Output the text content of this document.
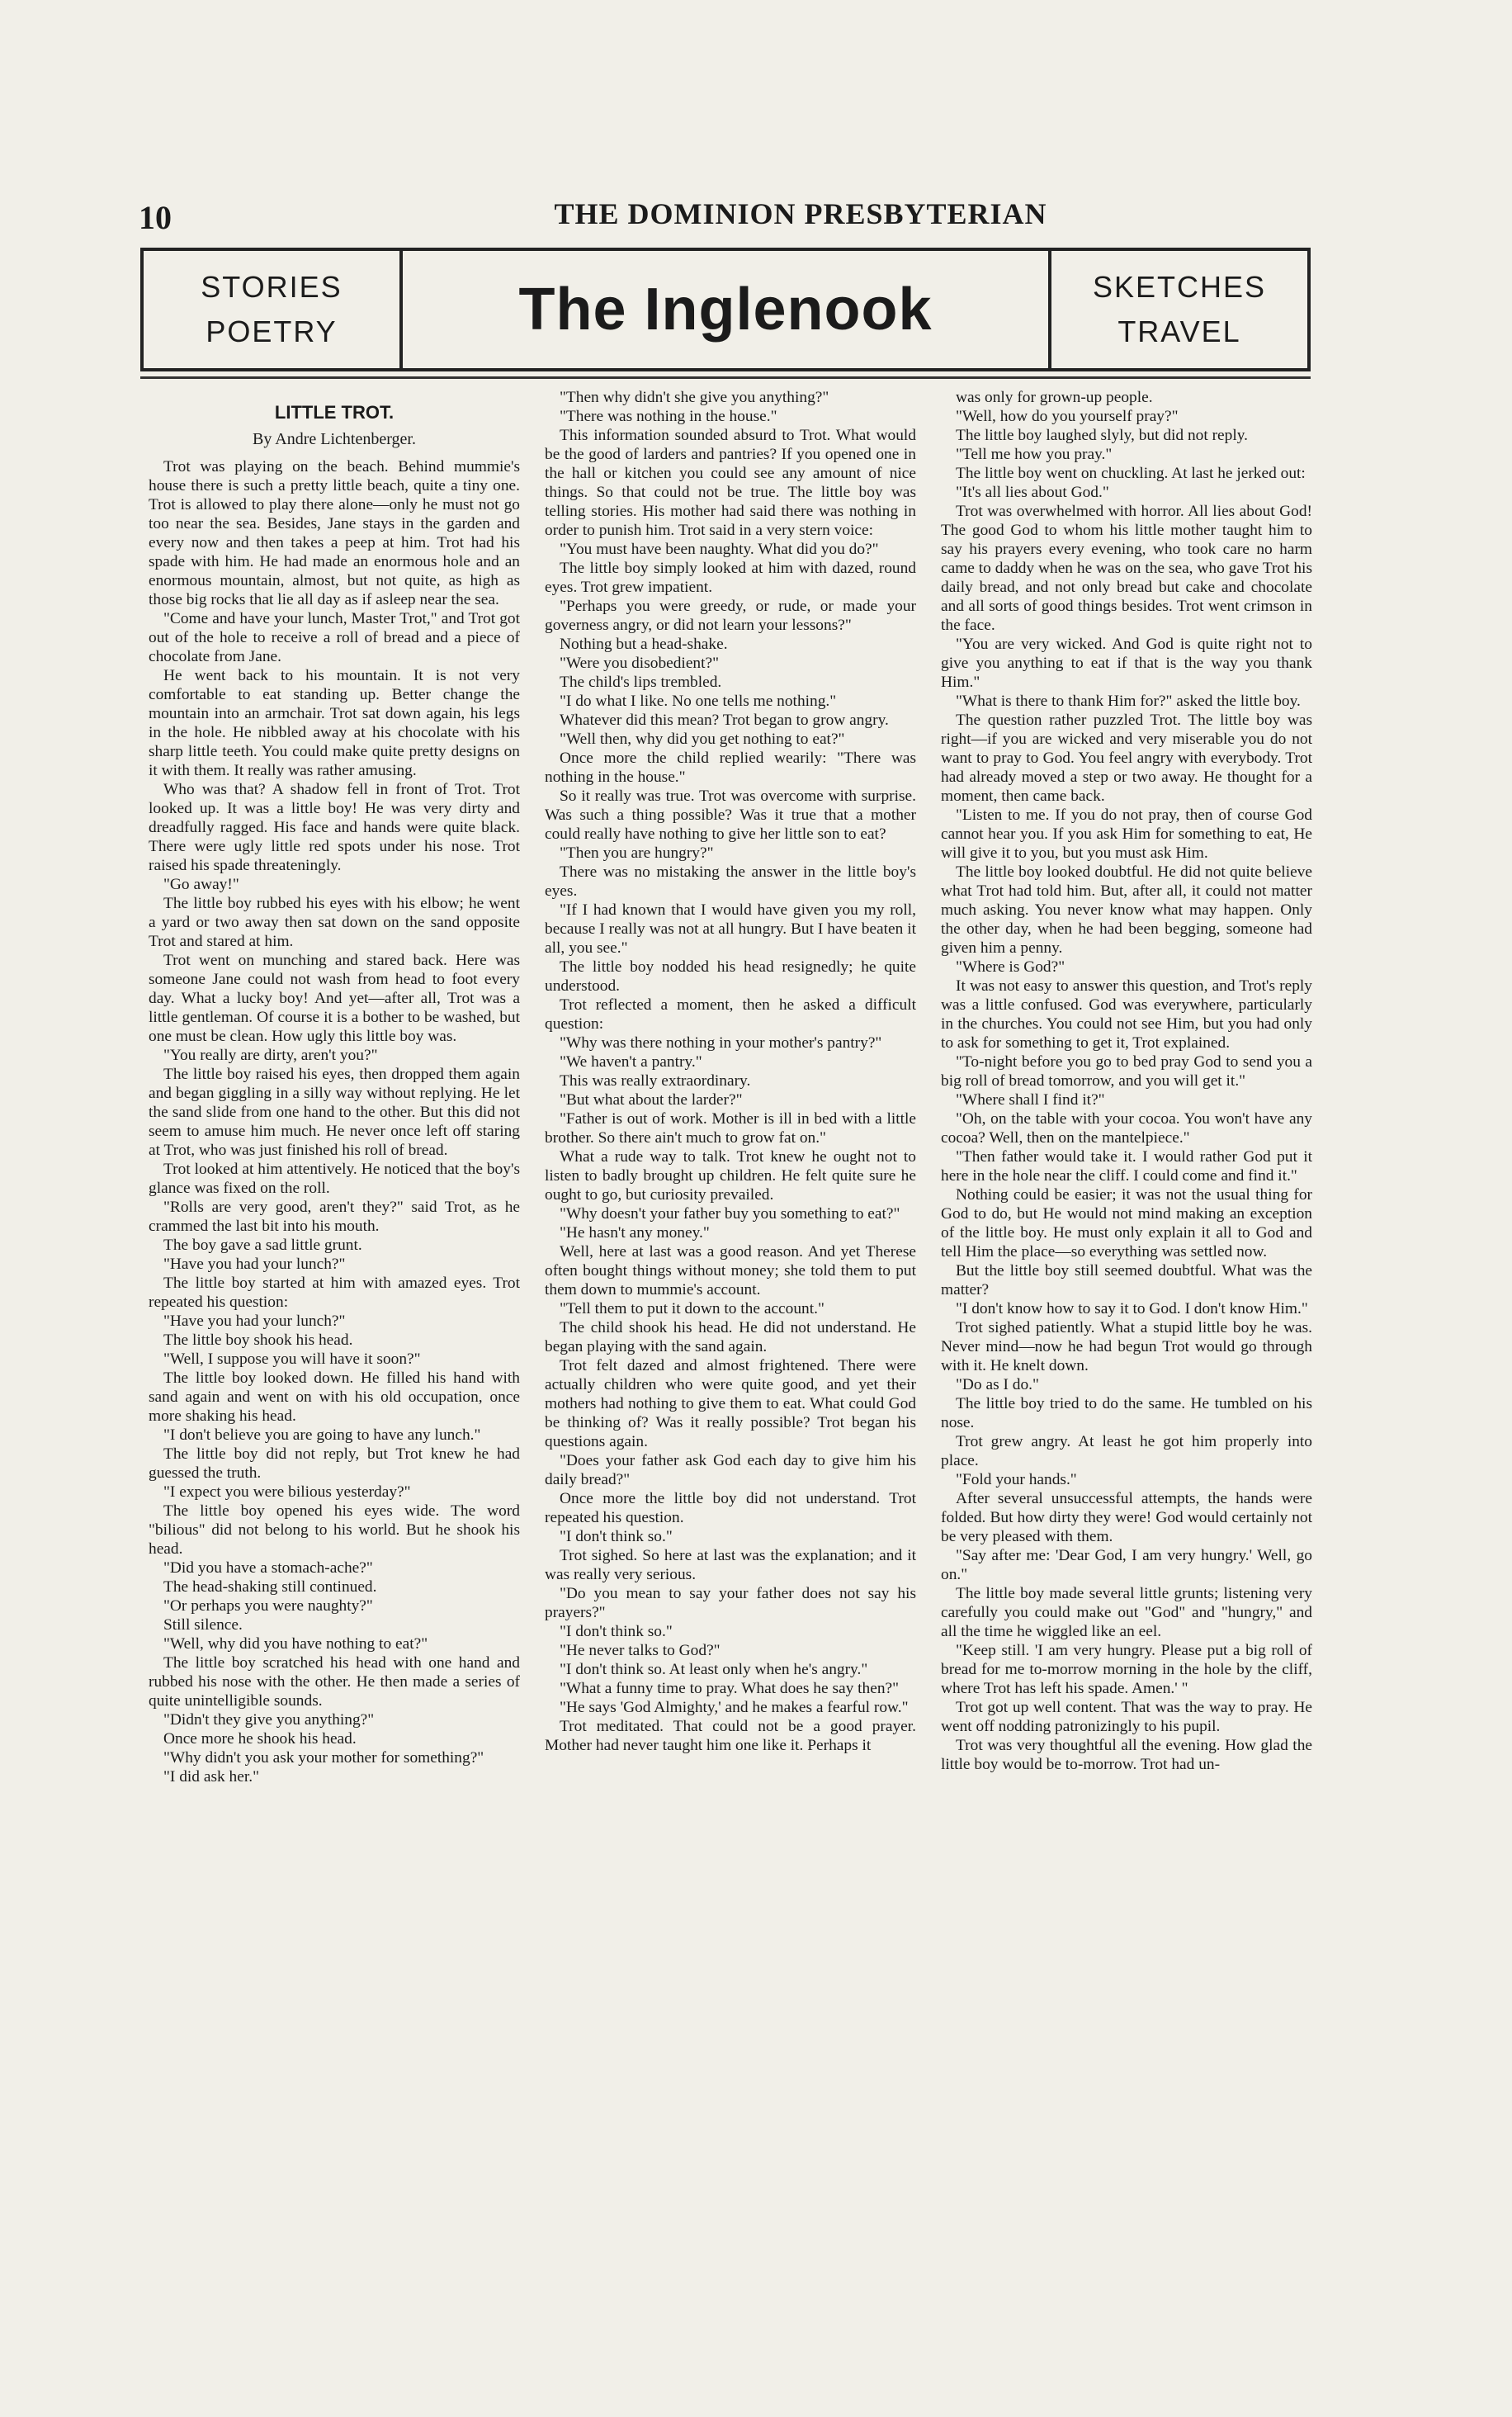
10	THE DOMINION PRESBYTERIAN
STORIES
POETRY	The Inglenook	SKETCHES
TRAVEL
LITTLE TROT.
By Andre Lichtenberger.

Trot was playing on the beach. Behind mummie's house there is such a pretty little beach, quite a tiny one. Trot is allowed to play there alone—only he must not go too near the sea. Besides, Jane stays in the garden and every now and then takes a peep at him. Trot had his spade with him. He had made an enormous hole and an enormous mountain, almost, but not quite, as high as those big rocks that lie all day as if asleep near the sea.

"Come and have your lunch, Master Trot," and Trot got out of the hole to receive a roll of bread and a piece of chocolate from Jane.

He went back to his mountain. It is not very comfortable to eat standing up. Better change the mountain into an armchair. Trot sat down again, his legs in the hole. He nibbled away at his chocolate with his sharp little teeth. You could make quite pretty designs on it with them. It really was rather amusing.

Who was that? A shadow fell in front of Trot. Trot looked up. It was a little boy! He was very dirty and dreadfully ragged. His face and hands were quite black. There were ugly little red spots under his nose. Trot raised his spade threateningly.

"Go away!"

The little boy rubbed his eyes with his elbow; he went a yard or two away then sat down on the sand opposite Trot and stared at him.

Trot went on munching and stared back. Here was someone Jane could not wash from head to foot every day. What a lucky boy! And yet—after all, Trot was a little gentleman. Of course it is a bother to be washed, but one must be clean. How ugly this little boy was.

"You really are dirty, aren't you?"

The little boy raised his eyes, then dropped them again and began giggling in a silly way without replying. He let the sand slide from one hand to the other. But this did not seem to amuse him much. He never once left off staring at Trot, who was just finished his roll of bread.

Trot looked at him attentively. He noticed that the boy's glance was fixed on the roll.

"Rolls are very good, aren't they?" said Trot, as he crammed the last bit into his mouth.

The boy gave a sad little grunt.

"Have you had your lunch?"

The little boy started at him with amazed eyes. Trot repeated his question:

"Have you had your lunch?"

The little boy shook his head.

"Well, I suppose you will have it soon?"

The little boy looked down. He filled his hand with sand again and went on with his old occupation, once more shaking his head.

"I don't believe you are going to have any lunch."

The little boy did not reply, but Trot knew he had guessed the truth.

"I expect you were bilious yesterday?"

The little boy opened his eyes wide. The word "bilious" did not belong to his world. But he shook his head.

"Did you have a stomach-ache?"

The head-shaking still continued.

"Or perhaps you were naughty?"

Still silence.

"Well, why did you have nothing to eat?"

The little boy scratched his head with one hand and rubbed his nose with the other. He then made a series of quite unintelligible sounds.

"Didn't they give you anything?"

Once more he shook his head.

"Why didn't you ask your mother for something?"

"I did ask her."

"Then why didn't she give you anything?"

"There was nothing in the house."

This information sounded absurd to Trot. What would be the good of larders and pantries? If you opened one in the hall or kitchen you could see any amount of nice things. So that could not be true. The little boy was telling stories. His mother had said there was nothing in order to punish him. Trot said in a very stern voice:

"You must have been naughty. What did you do?"

The little boy simply looked at him with dazed, round eyes. Trot grew impatient.

"Perhaps you were greedy, or rude, or made your governess angry, or did not learn your lessons?"

Nothing but a head-shake.

"Were you disobedient?"

The child's lips trembled.

"I do what I like. No one tells me nothing."

Whatever did this mean? Trot began to grow angry.

"Well then, why did you get nothing to eat?"

Once more the child replied wearily: "There was nothing in the house."

So it really was true. Trot was overcome with surprise. Was such a thing possible? Was it true that a mother could really have nothing to give her little son to eat?

"Then you are hungry?"

There was no mistaking the answer in the little boy's eyes.

"If I had known that I would have given you my roll, because I really was not at all hungry. But I have beaten it all, you see."

The little boy nodded his head resignedly; he quite understood.

Trot reflected a moment, then he asked a difficult question:

"Why was there nothing in your mother's pantry?"

"We haven't a pantry."

This was really extraordinary.

"But what about the larder?"

"Father is out of work. Mother is ill in bed with a little brother. So there ain't much to grow fat on."

What a rude way to talk. Trot knew he ought not to listen to badly brought up children. He felt quite sure he ought to go, but curiosity prevailed.

"Why doesn't your father buy you something to eat?"

"He hasn't any money."

Well, here at last was a good reason. And yet Therese often bought things without money; she told them to put them down to mummie's account.

"Tell them to put it down to the account."

The child shook his head. He did not understand. He began playing with the sand again.

Trot felt dazed and almost frightened. There were actually children who were quite good, and yet their mothers had nothing to give them to eat. What could God be thinking of? Was it really possible? Trot began his questions again.

"Does your father ask God each day to give him his daily bread?"

Once more the little boy did not understand. Trot repeated his question.

"I don't think so."

Trot sighed. So here at last was the explanation; and it was really very serious.

"Do you mean to say your father does not say his prayers?"

"I don't think so."

"He never talks to God?"

"I don't think so. At least only when he's angry."

"What a funny time to pray. What does he say then?"

"He says 'God Almighty,' and he makes a fearful row."

Trot meditated. That could not be a good prayer. Mother had never taught him one like it. Perhaps it

was only for grown-up people.

"Well, how do you yourself pray?"

The little boy laughed slyly, but did not reply.

"Tell me how you pray."

The little boy went on chuckling. At last he jerked out:

"It's all lies about God."

Trot was overwhelmed with horror. All lies about God! The good God to whom his little mother taught him to say his prayers every evening, who took care no harm came to daddy when he was on the sea, who gave Trot his daily bread, and not only bread but cake and chocolate and all sorts of good things besides. Trot went crimson in the face.

"You are very wicked. And God is quite right not to give you anything to eat if that is the way you thank Him."

"What is there to thank Him for?" asked the little boy.

The question rather puzzled Trot. The little boy was right—if you are wicked and very miserable you do not want to pray to God. You feel angry with everybody. Trot had already moved a step or two away. He thought for a moment, then came back.

"Listen to me. If you do not pray, then of course God cannot hear you. If you ask Him for something to eat, He will give it to you, but you must ask Him.

The little boy looked doubtful. He did not quite believe what Trot had told him. But, after all, it could not matter much asking. You never know what may happen. Only the other day, when he had been begging, someone had given him a penny.

"Where is God?"

It was not easy to answer this question, and Trot's reply was a little confused. God was everywhere, particularly in the churches. You could not see Him, but you had only to ask for something to get it, Trot explained.

"To-night before you go to bed pray God to send you a big roll of bread tomorrow, and you will get it."

"Where shall I find it?"

"Oh, on the table with your cocoa. You won't have any cocoa? Well, then on the mantelpiece."

"Then father would take it. I would rather God put it here in the hole near the cliff. I could come and find it."

Nothing could be easier; it was not the usual thing for God to do, but He would not mind making an exception of the little boy. He must only explain it all to God and tell Him the place—so everything was settled now.

But the little boy still seemed doubtful. What was the matter?

"I don't know how to say it to God. I don't know Him."

Trot sighed patiently. What a stupid little boy he was. Never mind—now he had begun Trot would go through with it. He knelt down.

"Do as I do."

The little boy tried to do the same. He tumbled on his nose.

Trot grew angry. At least he got him properly into place.

"Fold your hands."

After several unsuccessful attempts, the hands were folded. But how dirty they were! God would certainly not be very pleased with them.

"Say after me: 'Dear God, I am very hungry.' Well, go on."

The little boy made several little grunts; listening very carefully you could make out "God" and "hungry," and all the time he wiggled like an eel.

"Keep still. 'I am very hungry. Please put a big roll of bread for me to-morrow morning in the hole by the cliff, where Trot has left his spade. Amen.' "

Trot got up well content. That was the way to pray. He went off nodding patronizingly to his pupil.

Trot was very thoughtful all the evening. How glad the little boy would be to-morrow. Trot had un-
